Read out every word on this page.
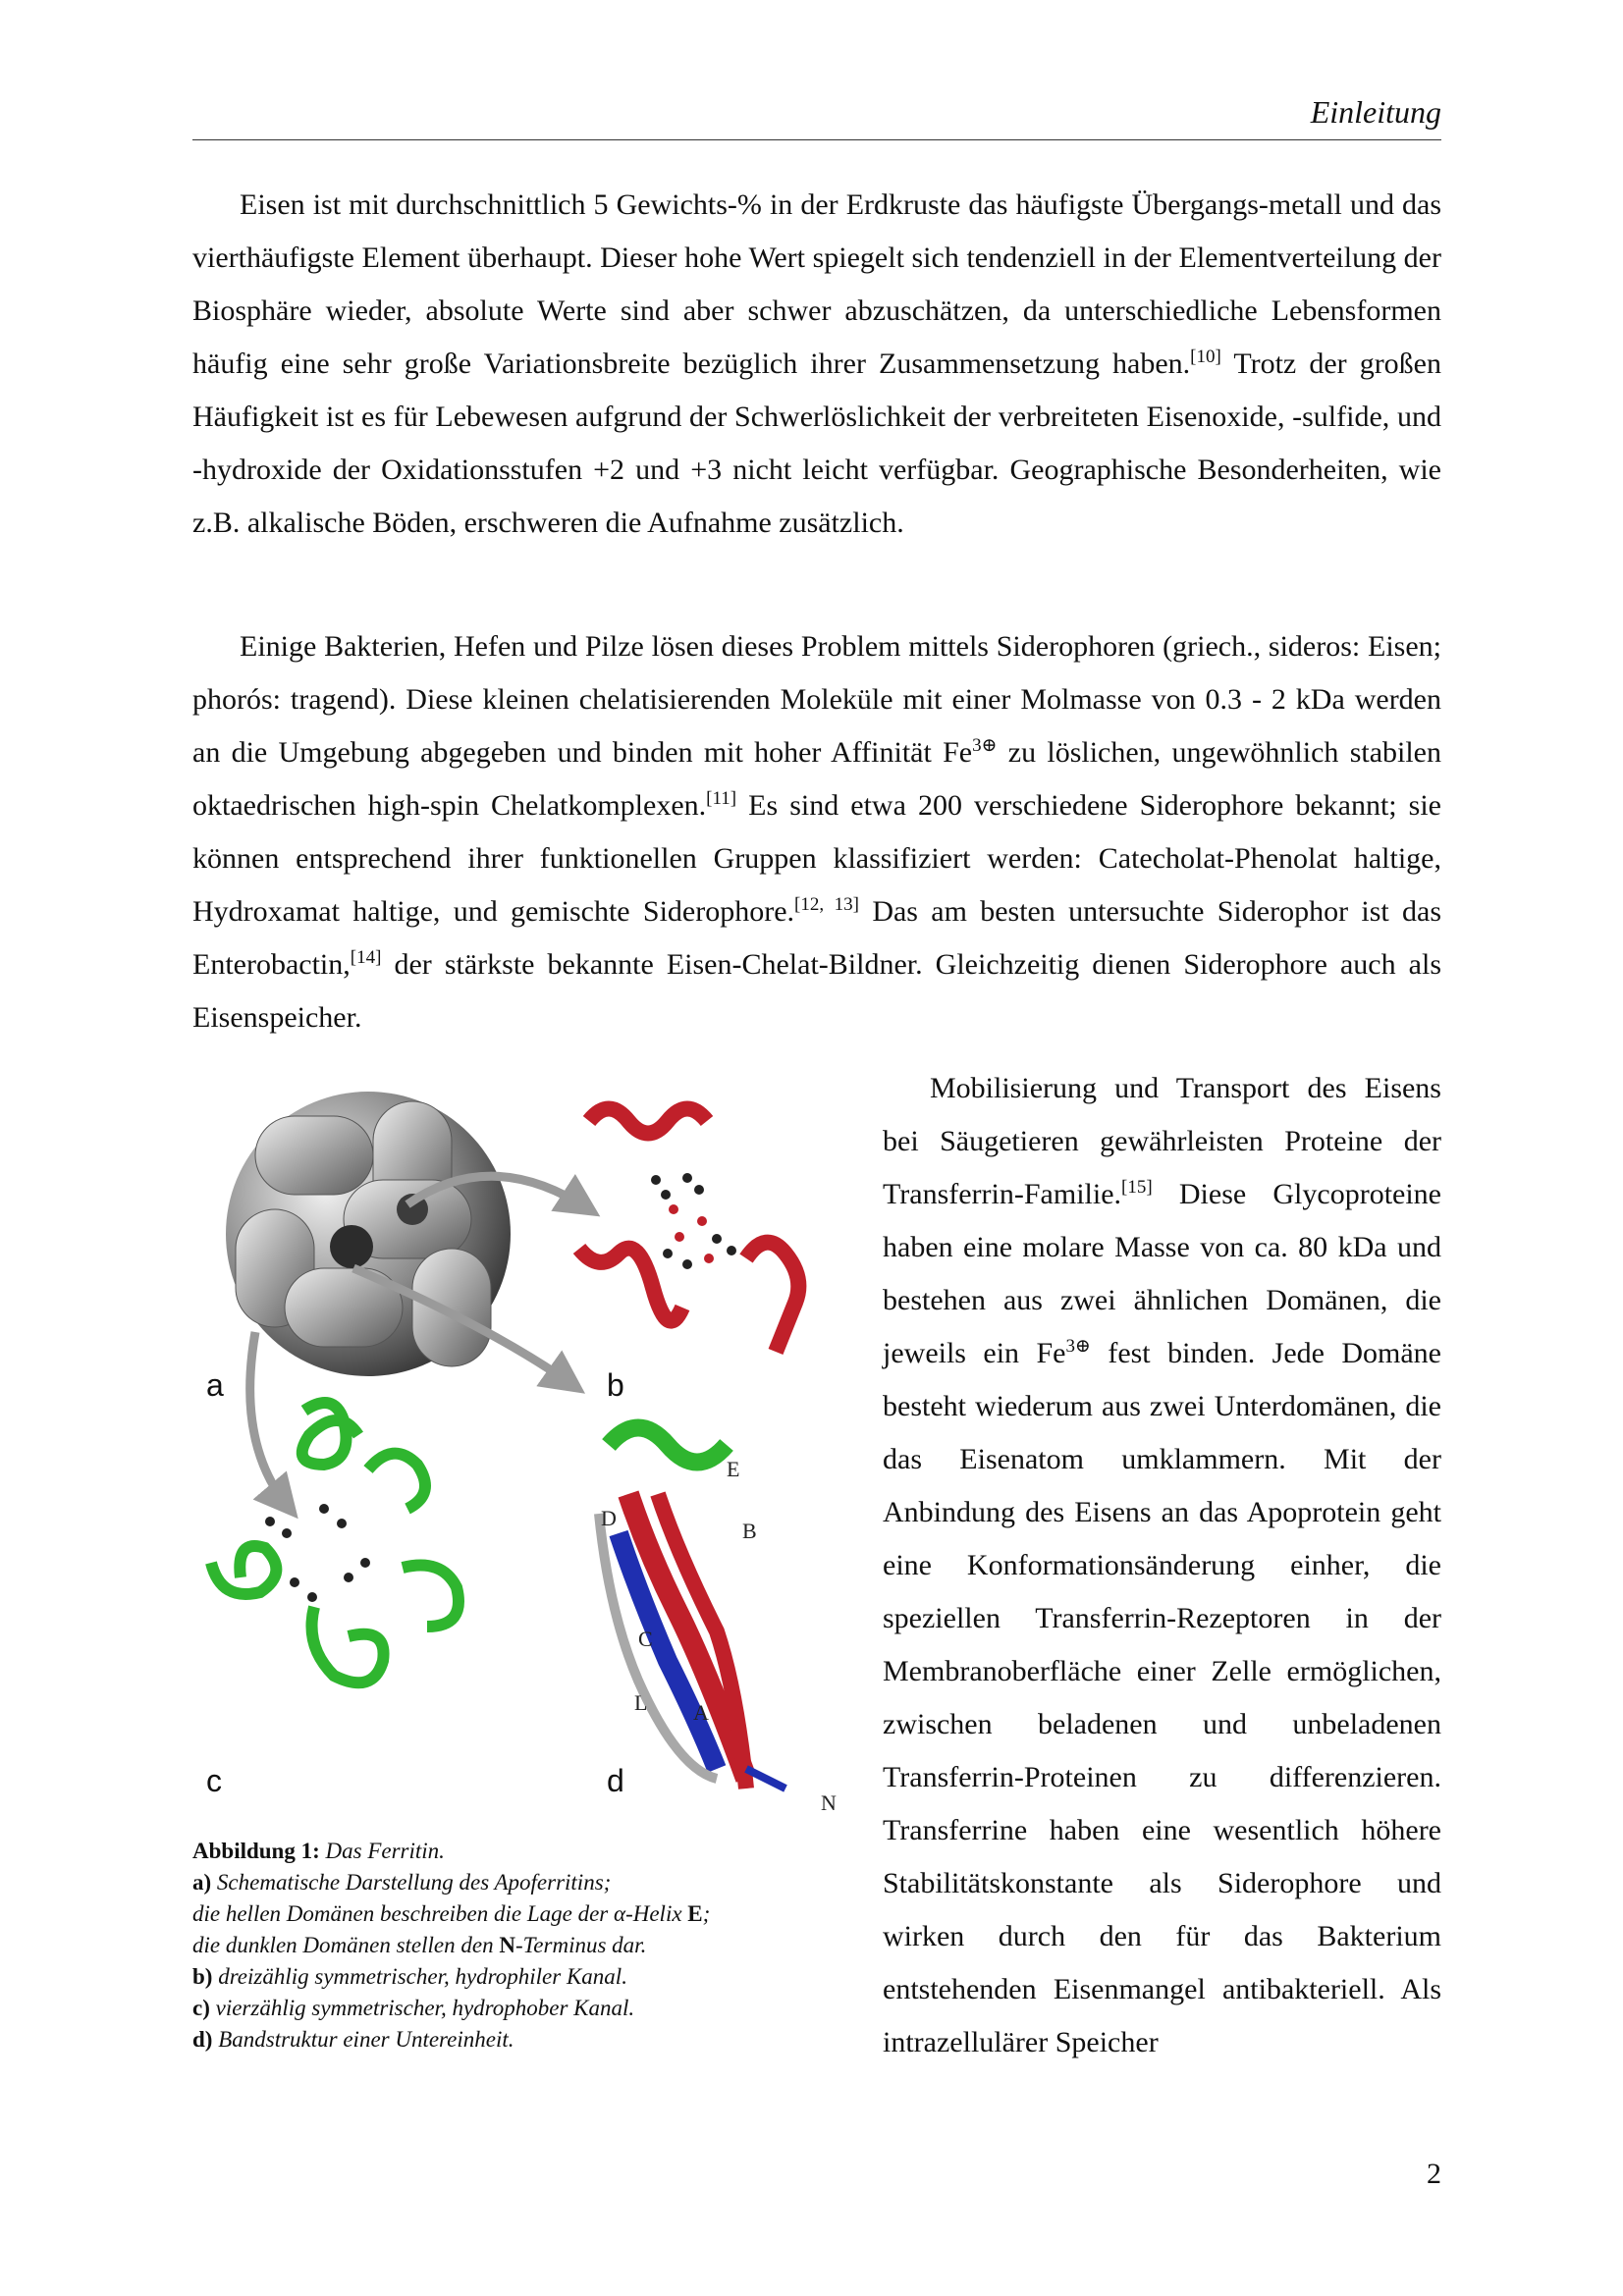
Einleitung

Eisen ist mit durchschnittlich 5 Gewichts-% in der Erdkruste das häufigste Übergangs-metall und das vierthäufigste Element überhaupt. Dieser hohe Wert spiegelt sich tendenziell in der Elementverteilung der Biosphäre wieder, absolute Werte sind aber schwer abzuschätzen, da unterschiedliche Lebensformen häufig eine sehr große Variationsbreite bezüglich ihrer Zusammensetzung haben.[10] Trotz der großen Häufigkeit ist es für Lebewesen aufgrund der Schwerlöslichkeit der verbreiteten Eisenoxide, -sulfide, und -hydroxide der Oxidationsstufen +2 und +3 nicht leicht verfügbar. Geographische Besonderheiten, wie z.B. alkalische Böden, erschweren die Aufnahme zusätzlich.

Einige Bakterien, Hefen und Pilze lösen dieses Problem mittels Siderophoren (griech., sideros: Eisen; phorós: tragend). Diese kleinen chelatisierenden Moleküle mit einer Molmasse von 0.3 - 2 kDa werden an die Umgebung abgegeben und binden mit hoher Affinität $Fe^{3\oplus}$ zu löslichen, ungewöhnlich stabilen oktaedrischen high-spin Chelatkomplexen.[11] Es sind etwa 200 verschiedene Siderophore bekannt; sie können entsprechend ihrer funktionellen Gruppen klassifiziert werden: Catecholat-Phenolat haltige, Hydroxamat haltige, und gemischte Siderophore.[12, 13] Das am besten untersuchte Siderophor ist das Enterobactin,[14] der stärkste bekannte Eisen-Chelat-Bildner. Gleichzeitig dienen Siderophore auch als Eisenspeicher.

Mobilisierung und Transport des Eisens bei Säugetieren gewährleisten Proteine der Transferrin-Familie.[15] Diese Glycoproteine haben eine molare Masse von ca. 80 kDa und bestehen aus zwei ähnlichen Domänen, die jeweils ein $Fe^{3\oplus}$ fest binden. Jede Domäne besteht wiederum aus zwei Unterdomänen, die das Eisenatom umklammern. Mit der Anbindung des Eisens an das Apoprotein geht eine Konformationsänderung einher, die speziellen Transferrin-Rezeptoren in der Membranoberfläche einer Zelle ermöglichen, zwischen beladenen und unbeladenen Transferrin-Proteinen zu differenzieren. Transferrine haben eine wesentlich höhere Stabilitätskonstante als Siderophore und wirken durch den für das Bakterium entstehenden Eisenmangel antibakteriell. Als intrazellulärer Speicher

a	b
c	d
E
D
B
C
L A
N
Abbildung 1: Das Ferritin.
a) Schematische Darstellung des Apoferritins;
die hellen Domänen beschreiben die Lage der α-Helix E;
die dunklen Domänen stellen den N-Terminus dar.
b) dreizählig symmetrischer, hydrophiler Kanal.
c) vierzählig symmetrischer, hydrophober Kanal.
d) Bandstruktur einer Untereinheit.
2
